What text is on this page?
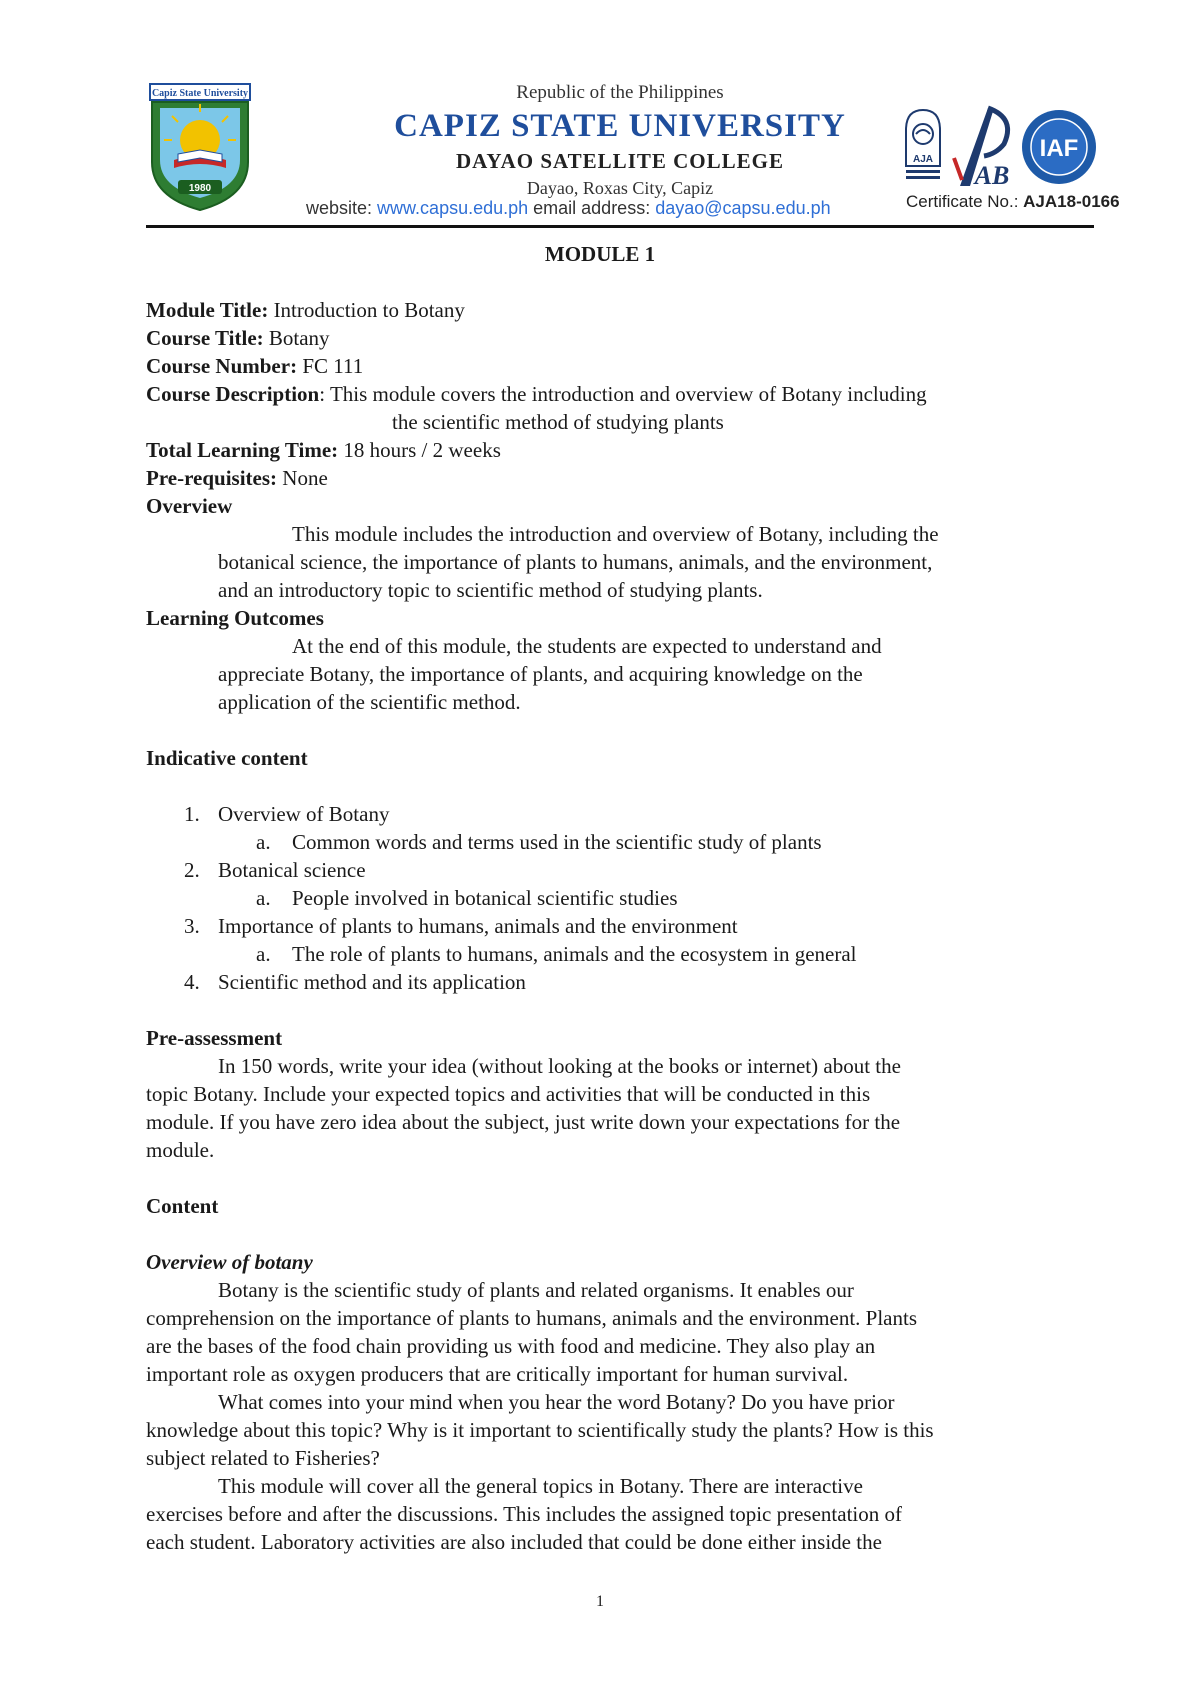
Capiz State University
1980
Republic of the Philippines
CAPIZ STATE UNIVERSITY
DAYAO SATELLITE COLLEGE
Dayao, Roxas City, Capiz
website: www.capsu.edu.ph email address: dayao@capsu.edu.ph
AJA
AB
IAF
Certificate No.: AJA18-0166
MODULE 1
Module Title: Introduction to Botany
Course Title: Botany
Course Number: FC 111
Course Description: This module covers the introduction and overview of Botany including
the scientific method of studying plants
Total Learning Time: 18 hours / 2 weeks
Pre-requisites: None
Overview
This module includes the introduction and overview of Botany, including the
botanical science, the importance of plants to humans, animals, and the environment,
and an introductory topic to scientific method of studying plants.
Learning Outcomes
At the end of this module, the students are expected to understand and
appreciate Botany, the importance of plants, and acquiring knowledge on the
application of the scientific method.
Indicative content
1. Overview of Botany
a. Common words and terms used in the scientific study of plants
2. Botanical science
a. People involved in botanical scientific studies
3. Importance of plants to humans, animals and the environment
a. The role of plants to humans, animals and the ecosystem in general
4. Scientific method and its application
Pre-assessment
In 150 words, write your idea (without looking at the books or internet) about the
topic Botany. Include your expected topics and activities that will be conducted in this
module. If you have zero idea about the subject, just write down your expectations for the
module.
Content
Overview of botany
Botany is the scientific study of plants and related organisms. It enables our
comprehension on the importance of plants to humans, animals and the environment. Plants
are the bases of the food chain providing us with food and medicine. They also play an
important role as oxygen producers that are critically important for human survival.
What comes into your mind when you hear the word Botany? Do you have prior
knowledge about this topic? Why is it important to scientifically study the plants? How is this
subject related to Fisheries?
This module will cover all the general topics in Botany. There are interactive
exercises before and after the discussions. This includes the assigned topic presentation of
each student. Laboratory activities are also included that could be done either inside the
1
